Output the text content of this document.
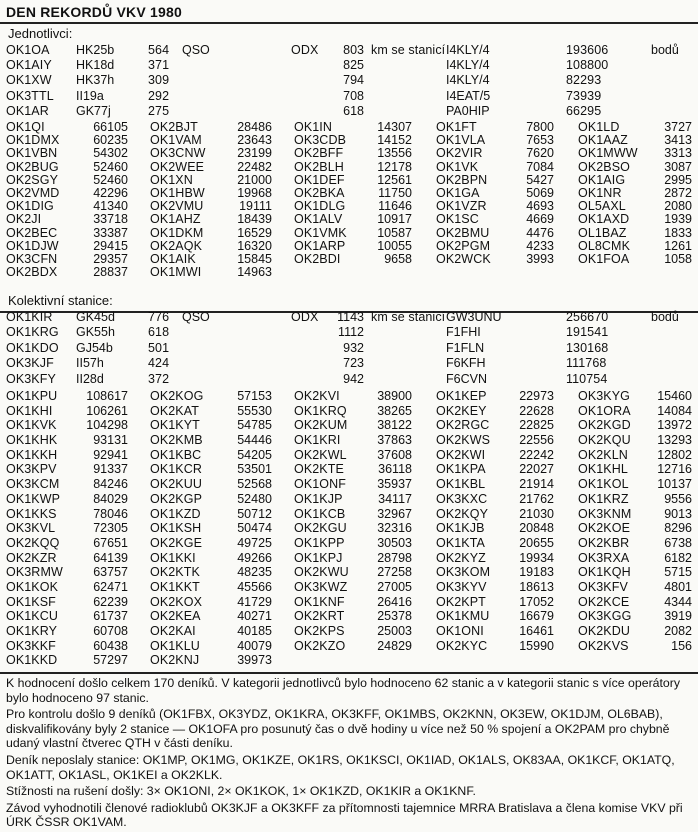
DEN REKORDŮ VKV 1980
Jednotlivci:
OK1OA	HK25b	564	QSO	ODX	803 km se stanicí I4KLY/4	193606	bodů
OK1AIY	HK18d	371	825	I4KLY/4	108800
OK1XW	HK37h	309	794	I4KLY/4	82293
OK3TTL	II19a	292	708	I4EAT/5	73939
OK1AR	GK77j	275	618	PA0HIP	66295
OK1QI	66105 OK2BJT	28486 OK1IN	14307 OK1FT	7800 OK1LD	3727
OK1DMX	60235 OK1VAM	23643 OK3CDB	14152 OK1VLA	7653 OK1AAZ	3413
OK1VBN	54302 OK3CNW	23199 OK2BFF	13556 OK2VIR	7620 OK1MWW	3313
OK2BUG	52460 OK2WEE	22482 OK2BLH	12178 OK1VK	7084 OK2BSO	3087
OK2SGY	52460 OK1XN	21000 OK1DEF	12561 OK2BPN	5427 OK1AIG	2995
OK2VMD	42296 OK1HBW	19968 OK2BKA	11750 OK1GA	5069 OK1NR	2872
OK1DIG	41340 OK2VMU	19111 OK1DLG	11646 OK1VZR	4693 OL5AXL	2080
OK2JI	33718 OK1AHZ	18439 OK1ALV	10917 OK1SC	4669 OK1AXD	1939
OK2BEC	33387 OK1DKM	16529 OK1VMK	10587 OK2BMU	4476 OL1BAZ	1833
OK1DJW	29415 OK2AQK	16320 OK1ARP	10055 OK2PGM	4233 OL8CMK	1261
OK3CFN	29357 OK1AIK	15845 OK2BDI	9658 OK2WCK	3993 OK1FOA	1058
OK2BDX	28837 OK1MWI	14963
Kolektivní stanice:
OK1KIR	GK45d	776	QSO	ODX	1143 km se stanicí GW3UNU	256670	bodů
OK1KRG	GK55h	618	1112	F1FHI	191541
OK1KDO	GJ54b	501	932	F1FLN	130168
OK3KJF	II57h	424	723	F6KFH	111768
OK3KFY	II28d	372	942	F6CVN	110754
OK1KPU	108617 OK2KOG	57153 OK2KVI	38900 OK1KEP	22973 OK3KYG	15460
OK1KHI	106261 OK2KAT	55530 OK1KRQ	38265 OK2KEY	22628 OK1ORA	14084
OK1KVK	104298 OK1KYT	54785 OK2KUM	38122 OK2RGC	22825 OK2KGD	13972
OK1KHK	93131 OK2KMB	54446 OK1KRI	37863 OK2KWS	22556 OK2KQU	13293
OK1KKH	92941 OK1KBC	54205 OK2KWL	37608 OK2KWI	22242 OK2KLN	12802
OK3KPV	91337 OK1KCR	53501 OK2KTE	36118 OK1KPA	22027 OK1KHL	12716
OK3KCM	84246 OK2KUU	52568 OK1ONF	35937 OK1KBL	21914 OK1KOL	10137
OK1KWP	84029 OK2KGP	52480 OK1KJP	34117 OK3KXC	21762 OK1KRZ	9556
OK1KKS	78046 OK1KZD	50712 OK1KCB	32967 OK2KQY	21030 OK3KNM	9013
OK3KVL	72305 OK1KSH	50474 OK2KGU	32316 OK1KJB	20848 OK2KOE	8296
OK2KQQ	67651 OK2KGE	49725 OK1KPP	30503 OK1KTA	20655 OK2KBR	6738
OK2KZR	64139 OK1KKI	49266 OK1KPJ	28798 OK2KYZ	19934 OK3RXA	6182
OK3RMW	63757 OK2KTK	48235 OK2KWU	27258 OK3KOM	19183 OK1KQH	5715
OK1KOK	62471 OK1KKT	45566 OK3KWZ	27005 OK3KYV	18613 OK3KFV	4801
OK1KSF	62239 OK2KOX	41729 OK1KNF	26416 OK2KPT	17052 OK2KCE	4344
OK1KCU	61737 OK2KEA	40271 OK2KRT	25378 OK1KMU	16679 OK3KGG	3919
OK1KRY	60708 OK2KAI	40185 OK2KPS	25003 OK1ONI	16461 OK2KDU	2082
OK3KKF	60438 OK1KLU	40079 OK2KZO	24829 OK2KYC	15990 OK2KVS	156
OK1KKD	57297 OK2KNJ	39973

K hodnocení došlo celkem 170 deníků. V kategorii jednotlivců bylo hodnoceno 62 stanic a v kategorii stanic s více operátory bylo hodnoceno 97 stanic.

Pro kontrolu došlo 9 deníků (OK1FBX, OK3YDZ, OK1KRA, OK3KFF, OK1MBS, OK2KNN, OK3EW, OK1DJM, OL6BAB), diskvalifikovány byly 2 stanice — OK1OFA pro posunutý čas o dvě hodiny u více než 50 % spojení a OK2PAM pro chybně udaný vlastní čtverec QTH v části deníku.

Deník neposlaly stanice: OK1MP, OK1MG, OK1KZE, OK1RS, OK1KSCI, OK1IAD, OK1ALS, OK83AA, OK1KCF, OK1ATQ, OK1ATT, OK1ASL, OK1KEI a OK2KLK.

Stížnosti na rušení došly: 3× OK1ONI, 2× OK1KOK, 1× OK1KZD, OK1KIR a OK1KNF.

Závod vyhodnotili členové radioklubů OK3KJF a OK3KFF za přítomnosti tajemnice MRRA Bratislava a člena komise VKV při ÚRK ČSSR OK1VAM.
